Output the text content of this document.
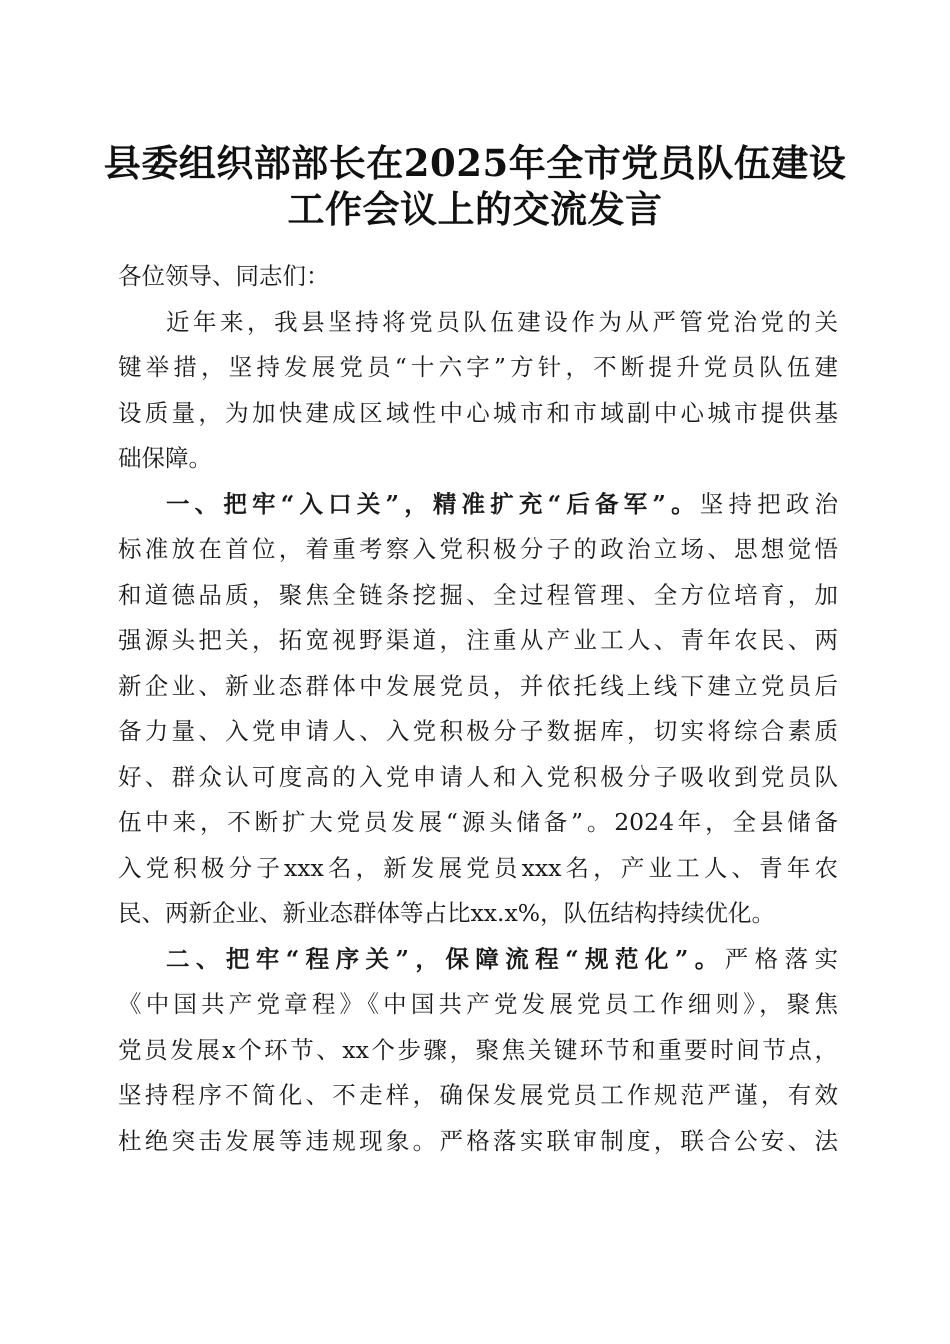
县委组织部部长在2025年全市党员队伍建设
工作会议上的交流发言
各位领导、同志们：
近年来，我县坚持将党员队伍建设作为从严管党治党的关
键举措，坚持发展党员“十六字”方针，不断提升党员队伍建
设质量，为加快建成区域性中心城市和市域副中心城市提供基
础保障。
一、把牢“入口关”，精准扩充“后备军”。坚持把政治
标准放在首位，着重考察入党积极分子的政治立场、思想觉悟
和道德品质，聚焦全链条挖掘、全过程管理、全方位培育，加
强源头把关，拓宽视野渠道，注重从产业工人、青年农民、两
新企业、新业态群体中发展党员，并依托线上线下建立党员后
备力量、入党申请人、入党积极分子数据库，切实将综合素质
好、群众认可度高的入党申请人和入党积极分子吸收到党员队
伍中来，不断扩大党员发展“源头储备”。2024年，全县储备
入党积极分子xxx名，新发展党员xxx名，产业工人、青年农
民、两新企业、新业态群体等占比xx.x%，队伍结构持续优化。
二、把牢“程序关”，保障流程“规范化”。严格落实
《中国共产党章程》《中国共产党发展党员工作细则》，聚焦
党员发展x个环节、xx个步骤，聚焦关键环节和重要时间节点，
坚持程序不简化、不走样，确保发展党员工作规范严谨，有效
杜绝突击发展等违规现象。严格落实联审制度，联合公安、法
